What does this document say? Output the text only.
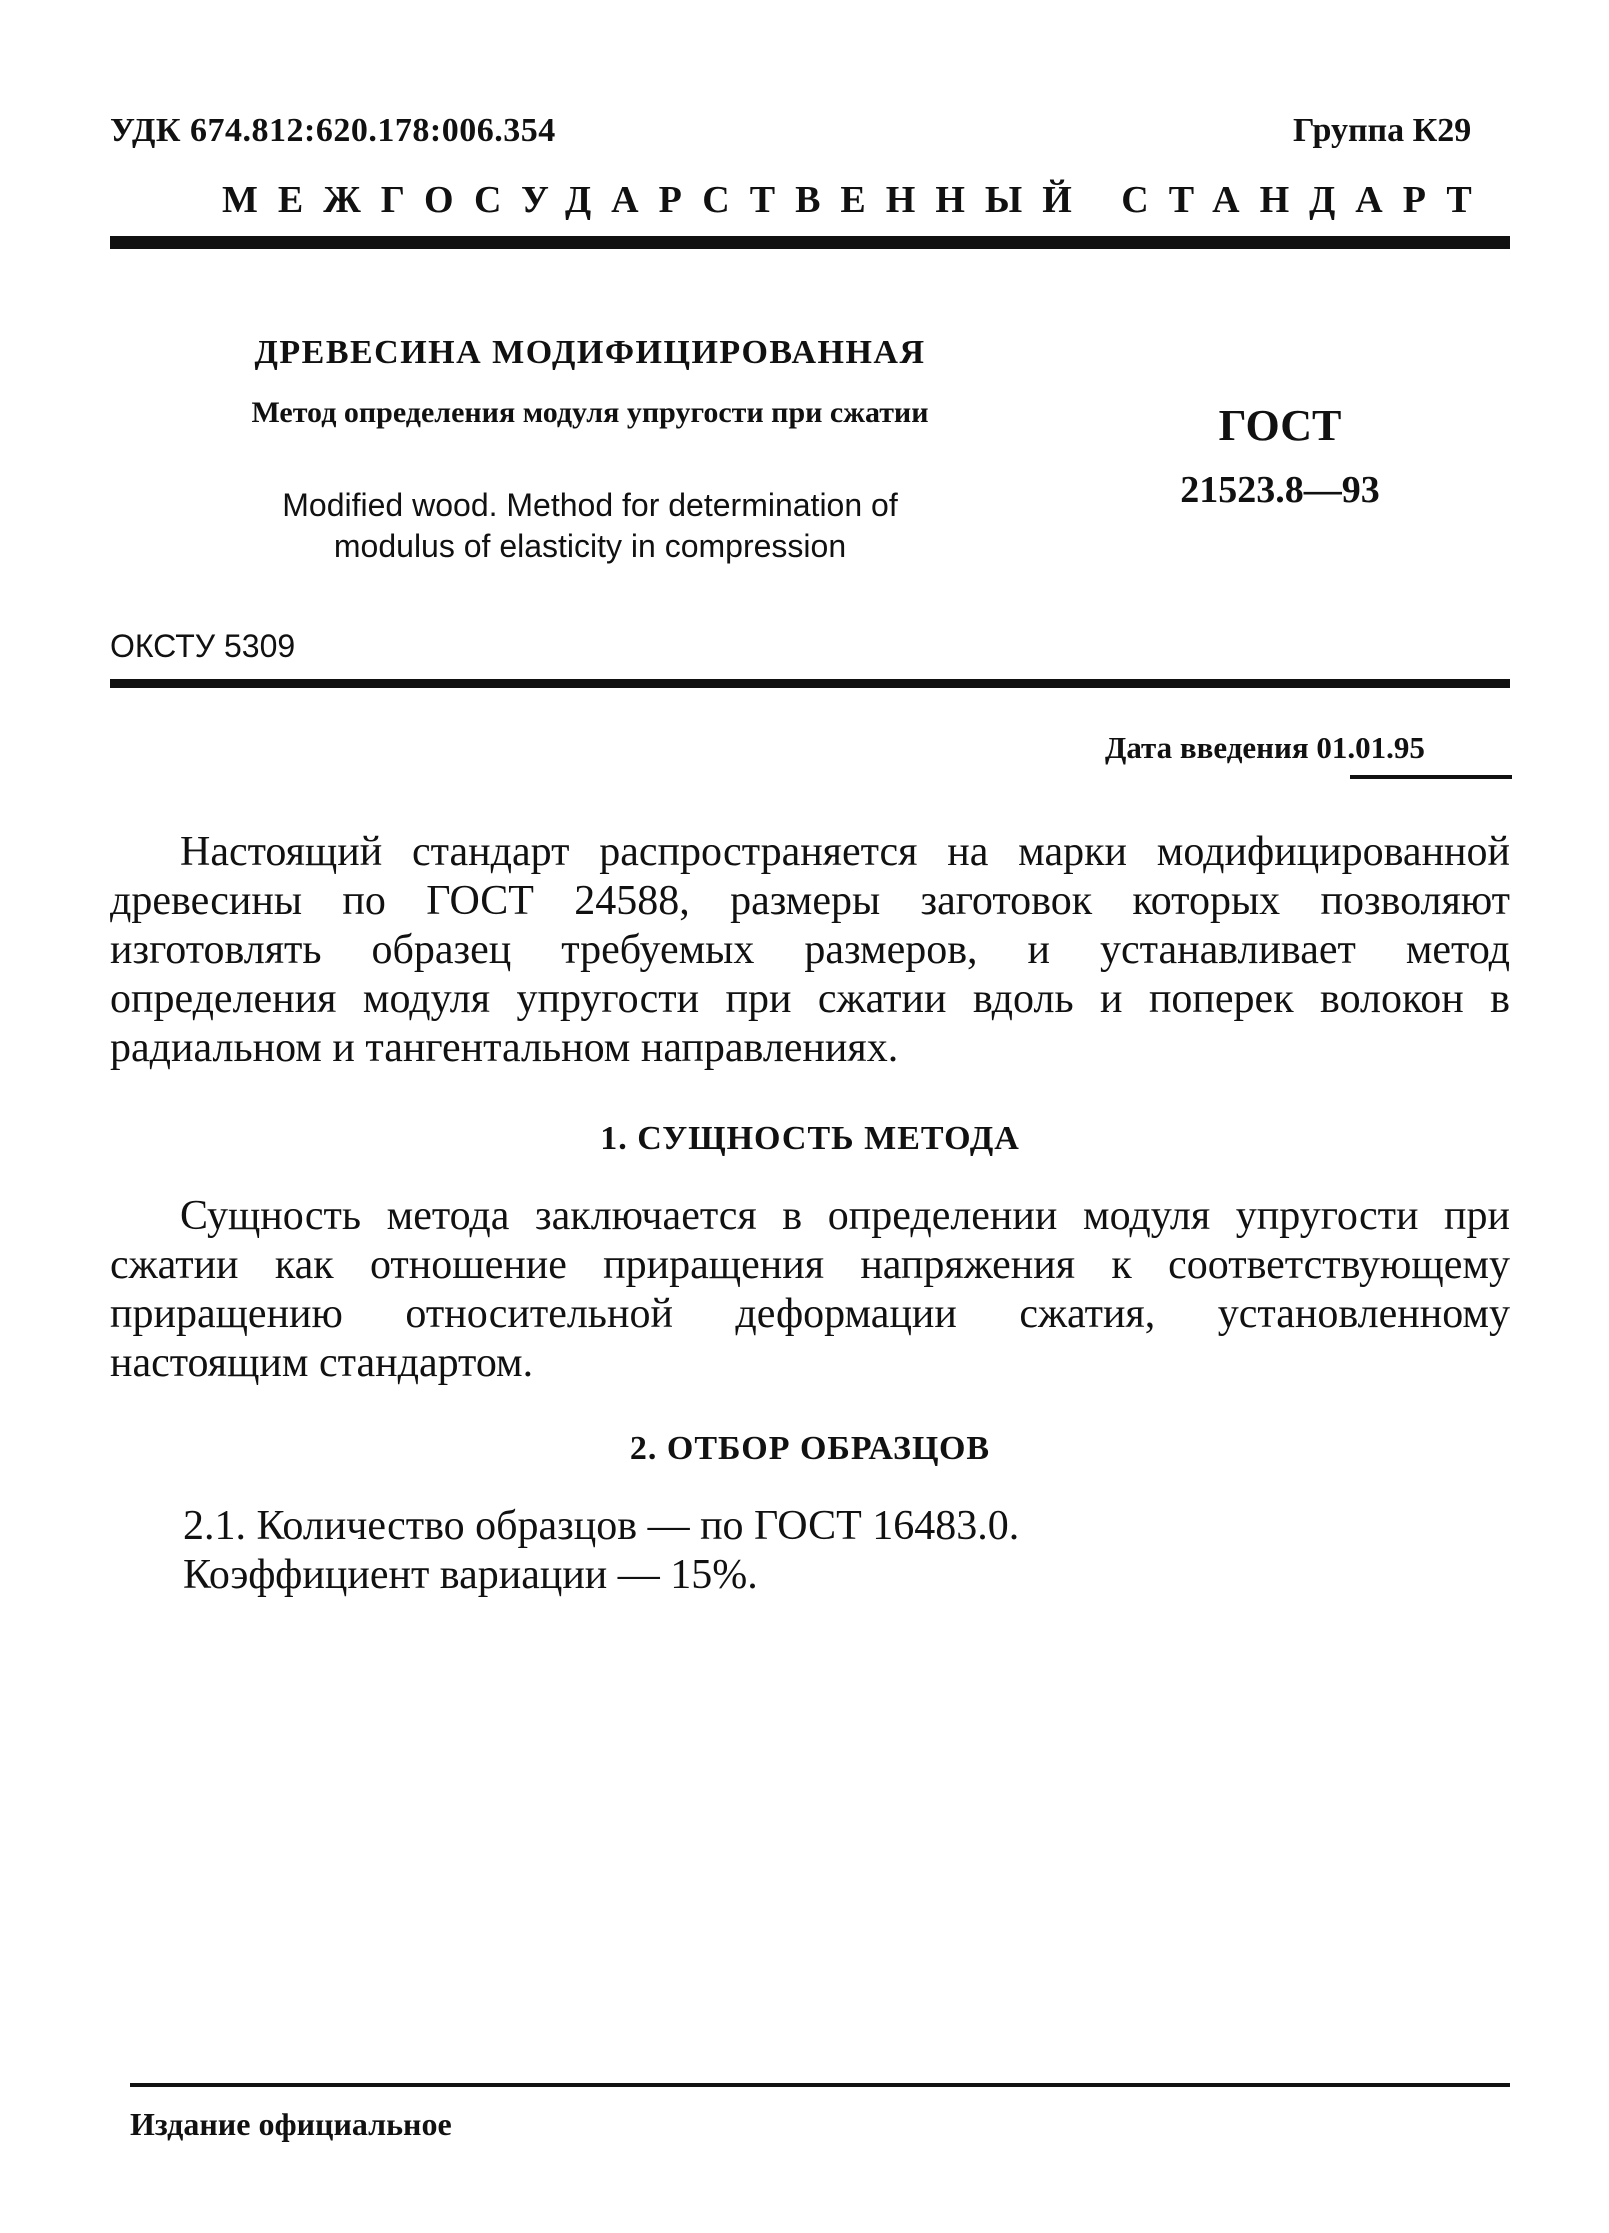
УДК 674.812:620.178:006.354	Группа К29
МЕЖГОСУДАРСТВЕННЫЙ СТАНДАРТ
ДРЕВЕСИНА МОДИФИЦИРОВАННАЯ
Метод определения модуля упругости при сжатии
Modified wood. Method for determination of modulus of elasticity in compression
ГОСТ
21523.8—93
ОКСТУ 5309
Дата введения 01.01.95
Настоящий стандарт распространяется на марки модифицированной древесины по ГОСТ 24588, размеры заготовок которых позволяют изготовлять образец требуемых размеров, и устанавливает метод определения модуля упругости при сжатии вдоль и поперек волокон в радиальном и тангентальном направлениях.
1. СУЩНОСТЬ МЕТОДА
Сущность метода заключается в определении модуля упругости при сжатии как отношение приращения напряжения к соответствующему приращению относительной деформации сжатия, установленному настоящим стандартом.
2. ОТБОР ОБРАЗЦОВ
2.1. Количество образцов — по ГОСТ 16483.0.
Коэффициент вариации — 15%.
Издание официальное
